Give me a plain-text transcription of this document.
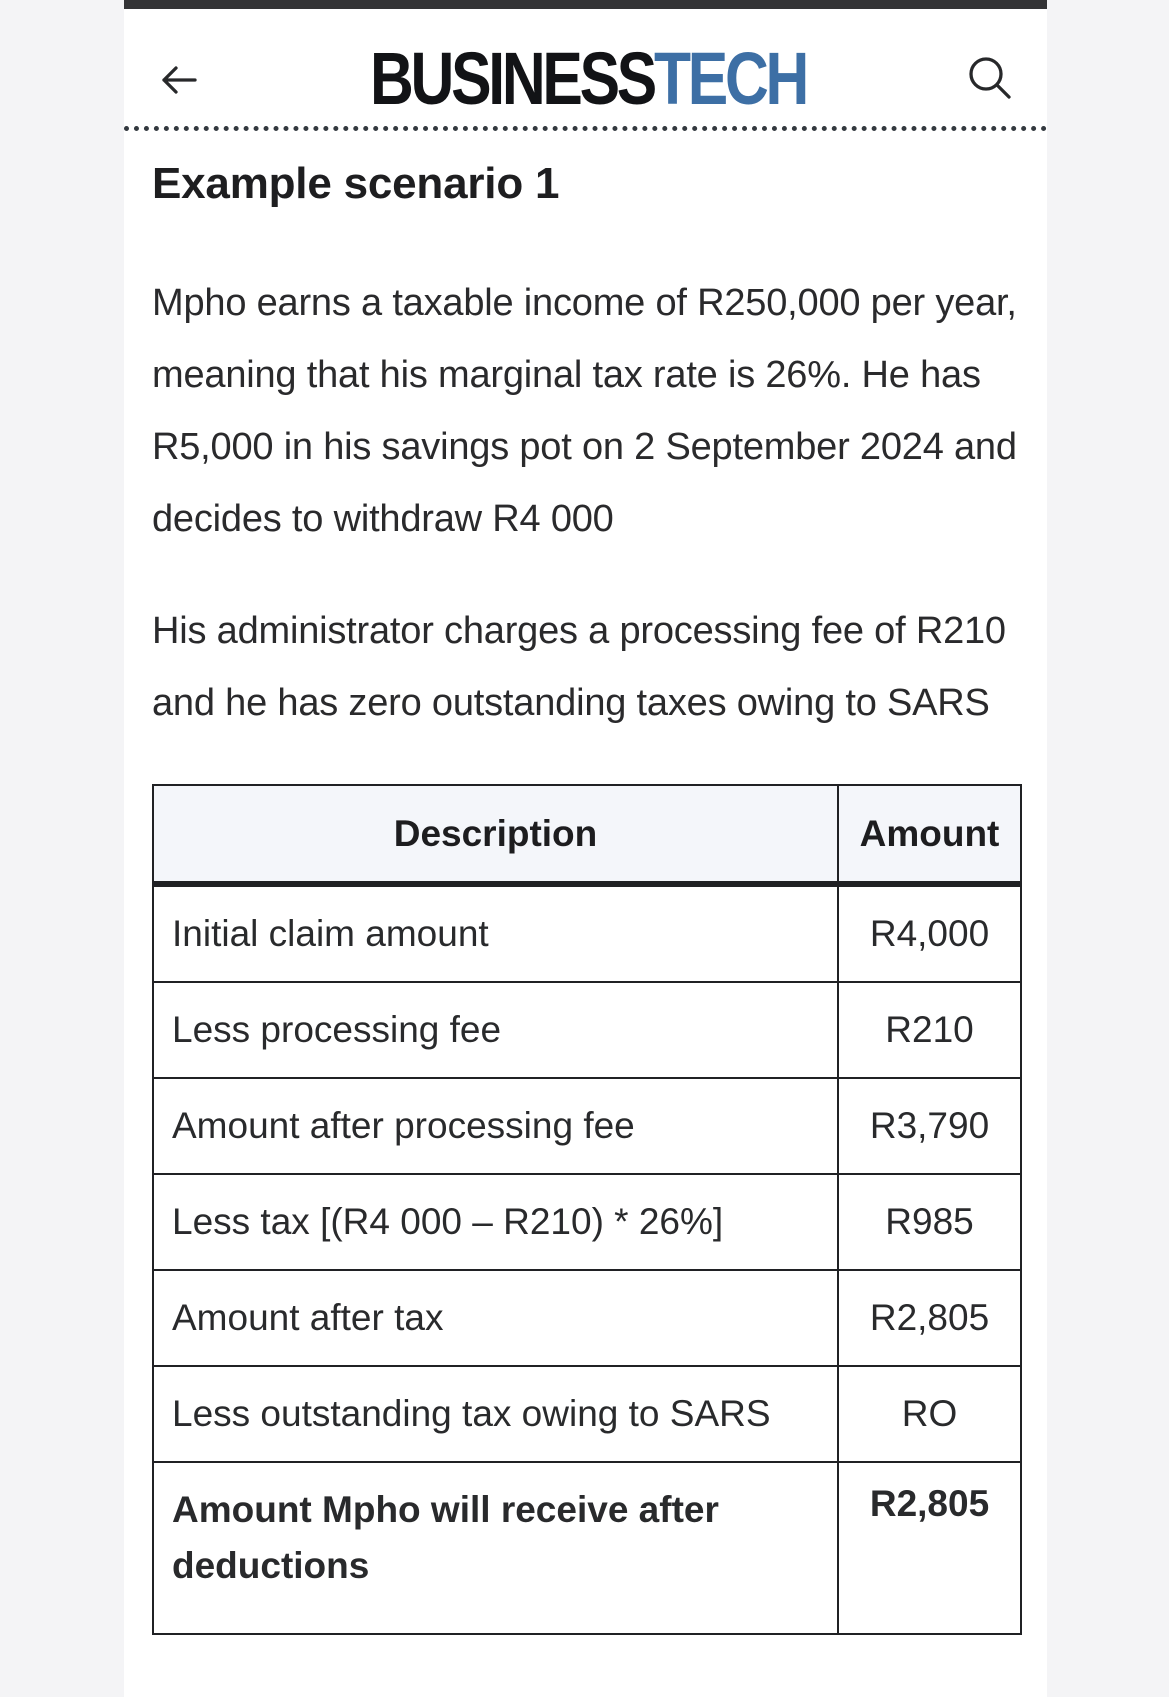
BUSINESSTECH
Example scenario 1

Mpho earns a taxable income of R250,000 per year, meaning that his marginal tax rate is 26%. He has R5,000 in his savings pot on 2 September 2024 and decides to withdraw R4 000

His administrator charges a processing fee of R210 and he has zero outstanding taxes owing to SARS

Description	Amount
Initial claim amount	R4,000
Less processing fee	R210
Amount after processing fee	R3,790
Less tax [(R4 000 – R210) * 26%]	R985
Amount after tax	R2,805
Less outstanding tax owing to SARS	RO
Amount Mpho will receive after deductions	R2,805
